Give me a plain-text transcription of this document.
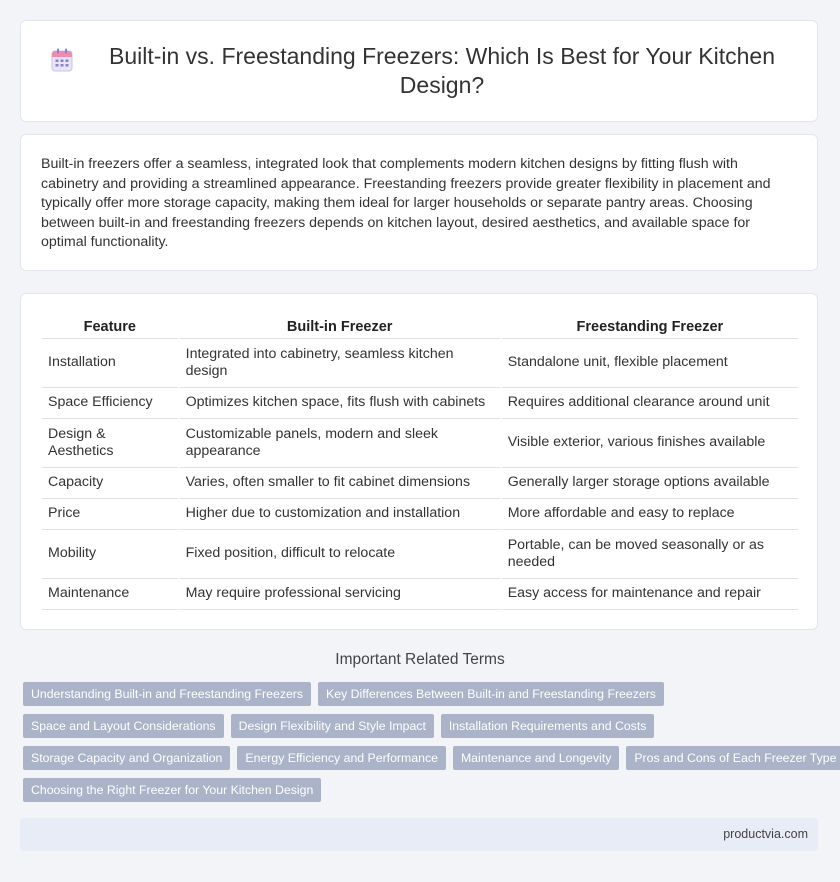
Built-in vs. Freestanding Freezers: Which Is Best for Your Kitchen Design?

Built-in freezers offer a seamless, integrated look that complements modern kitchen designs by fitting flush with cabinetry and providing a streamlined appearance. Freestanding freezers provide greater flexibility in placement and typically offer more storage capacity, making them ideal for larger households or separate pantry areas. Choosing between built-in and freestanding freezers depends on kitchen layout, desired aesthetics, and available space for optimal functionality.

Feature	Built-in Freezer	Freestanding Freezer
Installation	Integrated into cabinetry, seamless kitchen design	Standalone unit, flexible placement
Space Efficiency	Optimizes kitchen space, fits flush with cabinets	Requires additional clearance around unit
Design & Aesthetics	Customizable panels, modern and sleek appearance	Visible exterior, various finishes available
Capacity	Varies, often smaller to fit cabinet dimensions	Generally larger storage options available
Price	Higher due to customization and installation	More affordable and easy to replace
Mobility	Fixed position, difficult to relocate	Portable, can be moved seasonally or as needed
Maintenance	May require professional servicing	Easy access for maintenance and repair
Important Related Terms
Understanding Built-in and Freestanding Freezers	Key Differences Between Built-in and Freestanding Freezers
Space and Layout Considerations	Design Flexibility and Style Impact	Installation Requirements and Costs
Storage Capacity and Organization	Energy Efficiency and Performance	Maintenance and Longevity	Pros and Cons of Each Freezer Type
Choosing the Right Freezer for Your Kitchen Design
productvia.com
